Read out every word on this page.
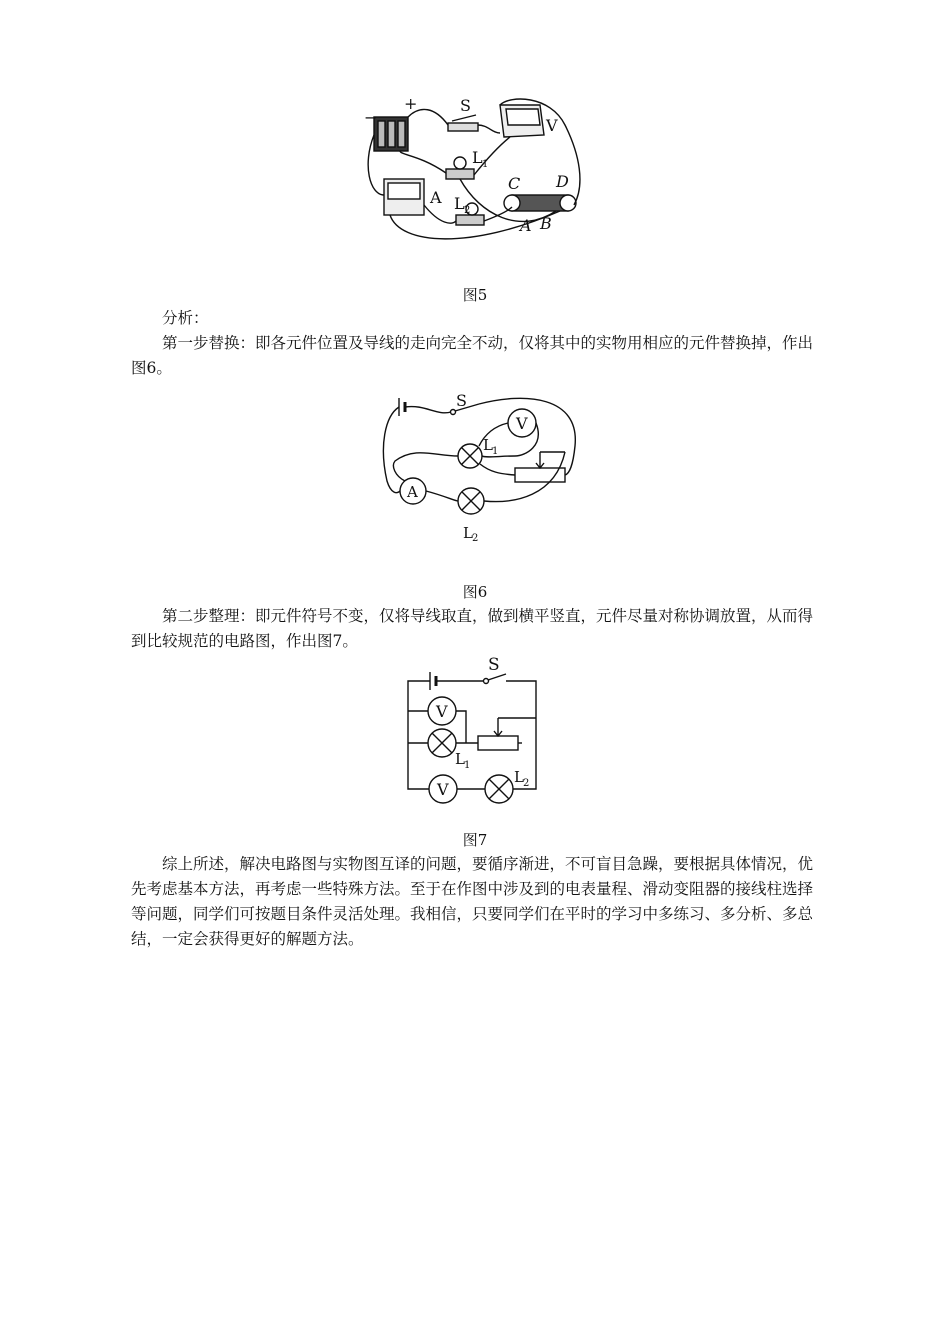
−
+	S
V
L 1
A L 2
C D
A B
图5

分析：

第一步替换：即各元件位置及导线的走向完全不动，仅将其中的实物用相应的元件替换掉，作出图6。

S
V
L 1
A
L 2
图6

第二步整理：即元件符号不变，仅将导线取直，做到横平竖直，元件尽量对称协调放置，从而得到比较规范的电路图，作出图7。

S
V
L 1
V
L 2
图7

综上所述，解决电路图与实物图互译的问题，要循序渐进，不可盲目急躁，要根据具体情况，优先考虑基本方法，再考虑一些特殊方法。至于在作图中涉及到的电表量程、滑动变阻器的接线柱选择等问题，同学们可按题目条件灵活处理。我相信，只要同学们在平时的学习中多练习、多分析、多总结，一定会获得更好的解题方法。
